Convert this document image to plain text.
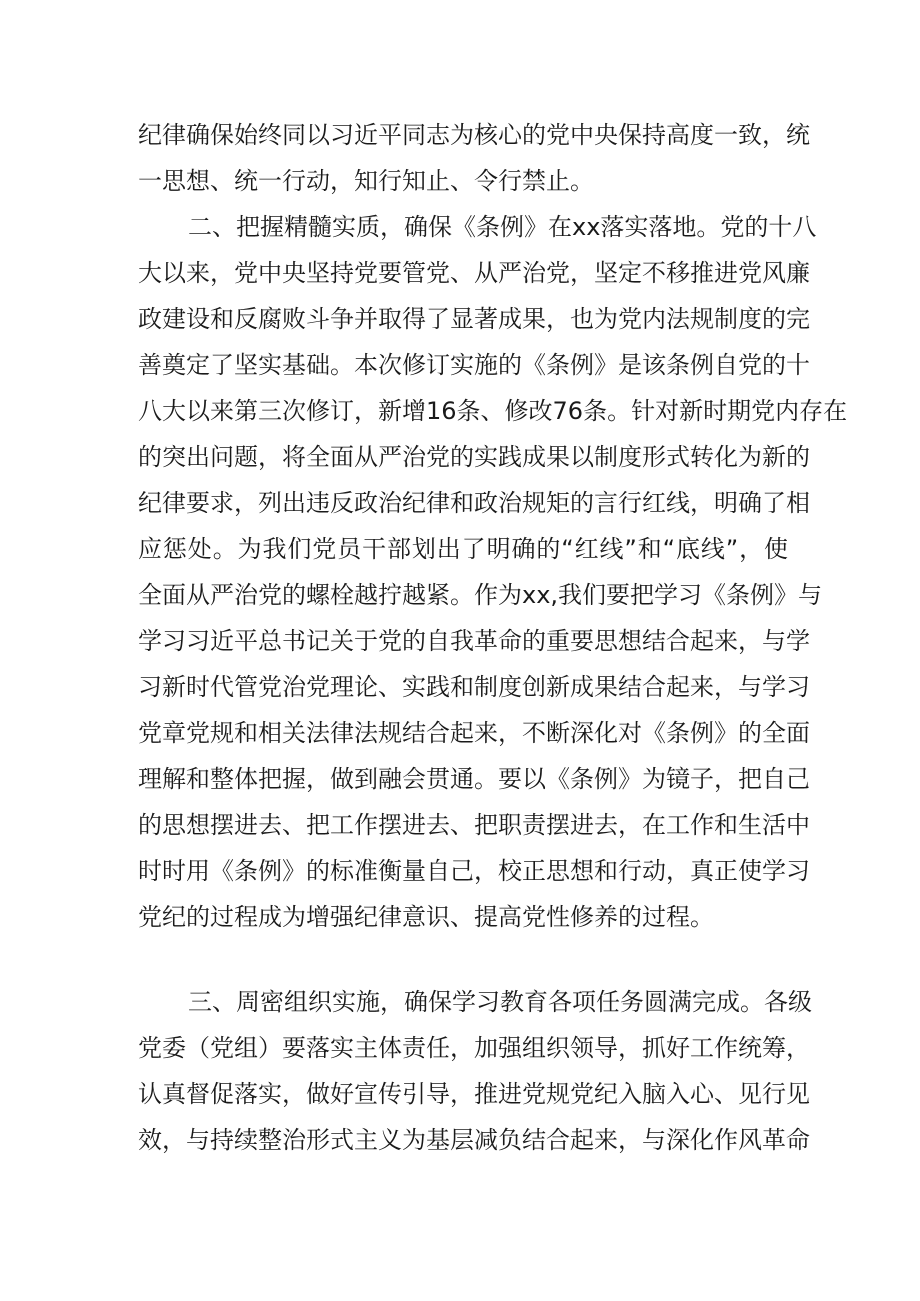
纪律确保始终同以习近平同志为核心的党中央保持高度一致，统
一思想、统一行动，知行知止、令行禁止。
二、把握精髓实质，确保《条例》在xx落实落地。党的十八
大以来，党中央坚持党要管党、从严治党，坚定不移推进党风廉
政建设和反腐败斗争并取得了显著成果，也为党内法规制度的完
善奠定了坚实基础。本次修订实施的《条例》是该条例自党的十
八大以来第三次修订，新增16条、修改76条。针对新时期党内存在
的突出问题，将全面从严治党的实践成果以制度形式转化为新的
纪律要求，列出违反政治纪律和政治规矩的言行红线，明确了相
应惩处。为我们党员干部划出了明确的“红线”和“底线”，使
全面从严治党的螺栓越拧越紧。作为xx,我们要把学习《条例》与
学习习近平总书记关于党的自我革命的重要思想结合起来，与学
习新时代管党治党理论、实践和制度创新成果结合起来，与学习
党章党规和相关法律法规结合起来，不断深化对《条例》的全面
理解和整体把握，做到融会贯通。要以《条例》为镜子，把自己
的思想摆进去、把工作摆进去、把职责摆进去，在工作和生活中
时时用《条例》的标准衡量自己，校正思想和行动，真正使学习
党纪的过程成为增强纪律意识、提高党性修养的过程。
三、周密组织实施，确保学习教育各项任务圆满完成。各级
党委（党组）要落实主体责任，加强组织领导，抓好工作统筹，
认真督促落实，做好宣传引导，推进党规党纪入脑入心、见行见
效，与持续整治形式主义为基层减负结合起来，与深化作风革命
